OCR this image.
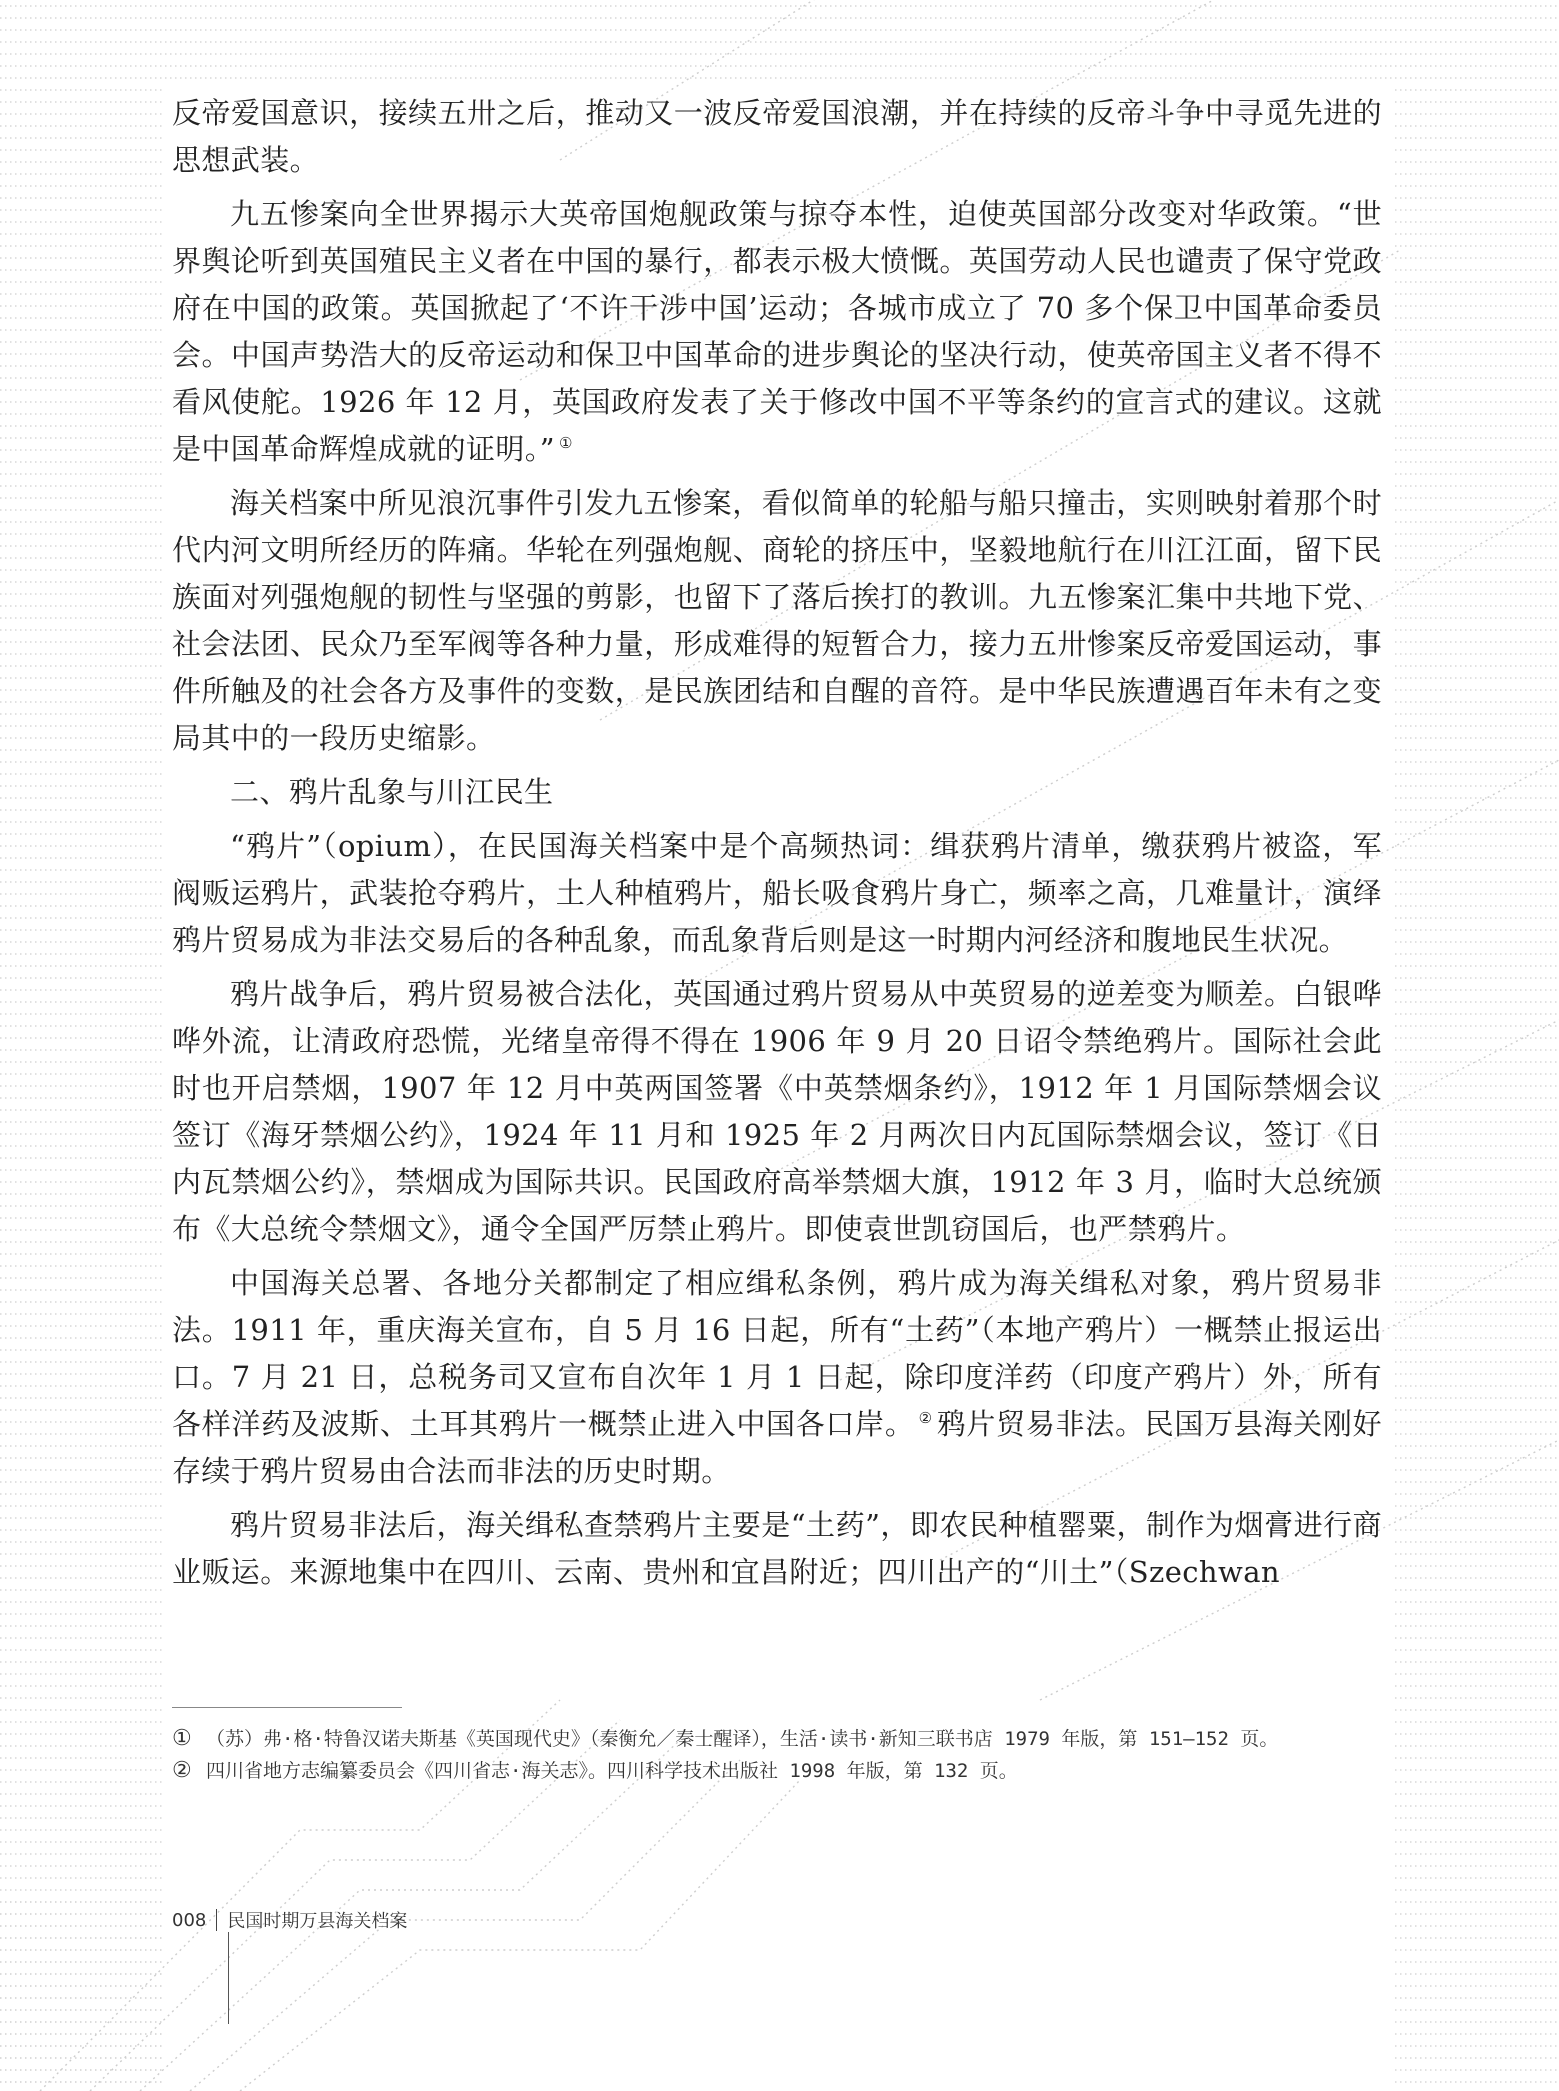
反帝爱国意识，接续五卅之后，推动又一波反帝爱国浪潮，并在持续的反帝斗争中寻觅先进的思想武装。

九五惨案向全世界揭示大英帝国炮舰政策与掠夺本性，迫使英国部分改变对华政策。“世界舆论听到英国殖民主义者在中国的暴行，都表示极大愤慨。英国劳动人民也谴责了保守党政府在中国的政策。英国掀起了‘不许干涉中国’运动；各城市成立了 70 多个保卫中国革命委员会。中国声势浩大的反帝运动和保卫中国革命的进步舆论的坚决行动，使英帝国主义者不得不看风使舵。1926 年 12 月，英国政府发表了关于修改中国不平等条约的宣言式的建议。这就是中国革命辉煌成就的证明。” ①

海关档案中所见浪沉事件引发九五惨案，看似简单的轮船与船只撞击，实则映射着那个时代内河文明所经历的阵痛。华轮在列强炮舰、商轮的挤压中，坚毅地航行在川江江面，留下民族面对列强炮舰的韧性与坚强的剪影，也留下了落后挨打的教训。九五惨案汇集中共地下党、社会法团、民众乃至军阀等各种力量，形成难得的短暂合力，接力五卅惨案反帝爱国运动，事件所触及的社会各方及事件的变数，是民族团结和自醒的音符。是中华民族遭遇百年未有之变局其中的一段历史缩影。

二、鸦片乱象与川江民生

“鸦片”（opium），在民国海关档案中是个高频热词：缉获鸦片清单，缴获鸦片被盗，军阀贩运鸦片，武装抢夺鸦片，土人种植鸦片，船长吸食鸦片身亡，频率之高，几难量计，演绎鸦片贸易成为非法交易后的各种乱象，而乱象背后则是这一时期内河经济和腹地民生状况。

鸦片战争后，鸦片贸易被合法化，英国通过鸦片贸易从中英贸易的逆差变为顺差。白银哗哗外流，让清政府恐慌，光绪皇帝得不得在 1906 年 9 月 20 日诏令禁绝鸦片。国际社会此时也开启禁烟，1907 年 12 月中英两国签署《中英禁烟条约》，1912 年 1 月国际禁烟会议签订《海牙禁烟公约》，1924 年 11 月和 1925 年 2 月两次日内瓦国际禁烟会议，签订《日内瓦禁烟公约》，禁烟成为国际共识。民国政府高举禁烟大旗，1912 年 3 月，临时大总统颁布《大总统令禁烟文》，通令全国严厉禁止鸦片。即使袁世凯窃国后，也严禁鸦片。

中国海关总署、各地分关都制定了相应缉私条例，鸦片成为海关缉私对象，鸦片贸易非法。1911 年，重庆海关宣布，自 5 月 16 日起，所有“土药”（本地产鸦片）一概禁止报运出口。7 月 21 日，总税务司又宣布自次年 1 月 1 日起，除印度洋药（印度产鸦片）外，所有各样洋药及波斯、土耳其鸦片一概禁止进入中国各口岸。 ② 鸦片贸易非法。民国万县海关刚好存续于鸦片贸易由合法而非法的历史时期。

鸦片贸易非法后，海关缉私查禁鸦片主要是“土药”，即农民种植罂粟，制作为烟膏进行商业贩运。来源地集中在四川、云南、贵州和宜昌附近；四川出产的“川土”（Szechwan

① （苏）弗·格·特鲁汉诺夫斯基《英国现代史》（秦衡允／秦士醒译），生活·读书·新知三联书店 1979 年版，第 151—152 页。
② 四川省地方志编纂委员会《四川省志·海关志》。四川科学技术出版社 1998 年版，第 132 页。
008	民国时期万县海关档案
